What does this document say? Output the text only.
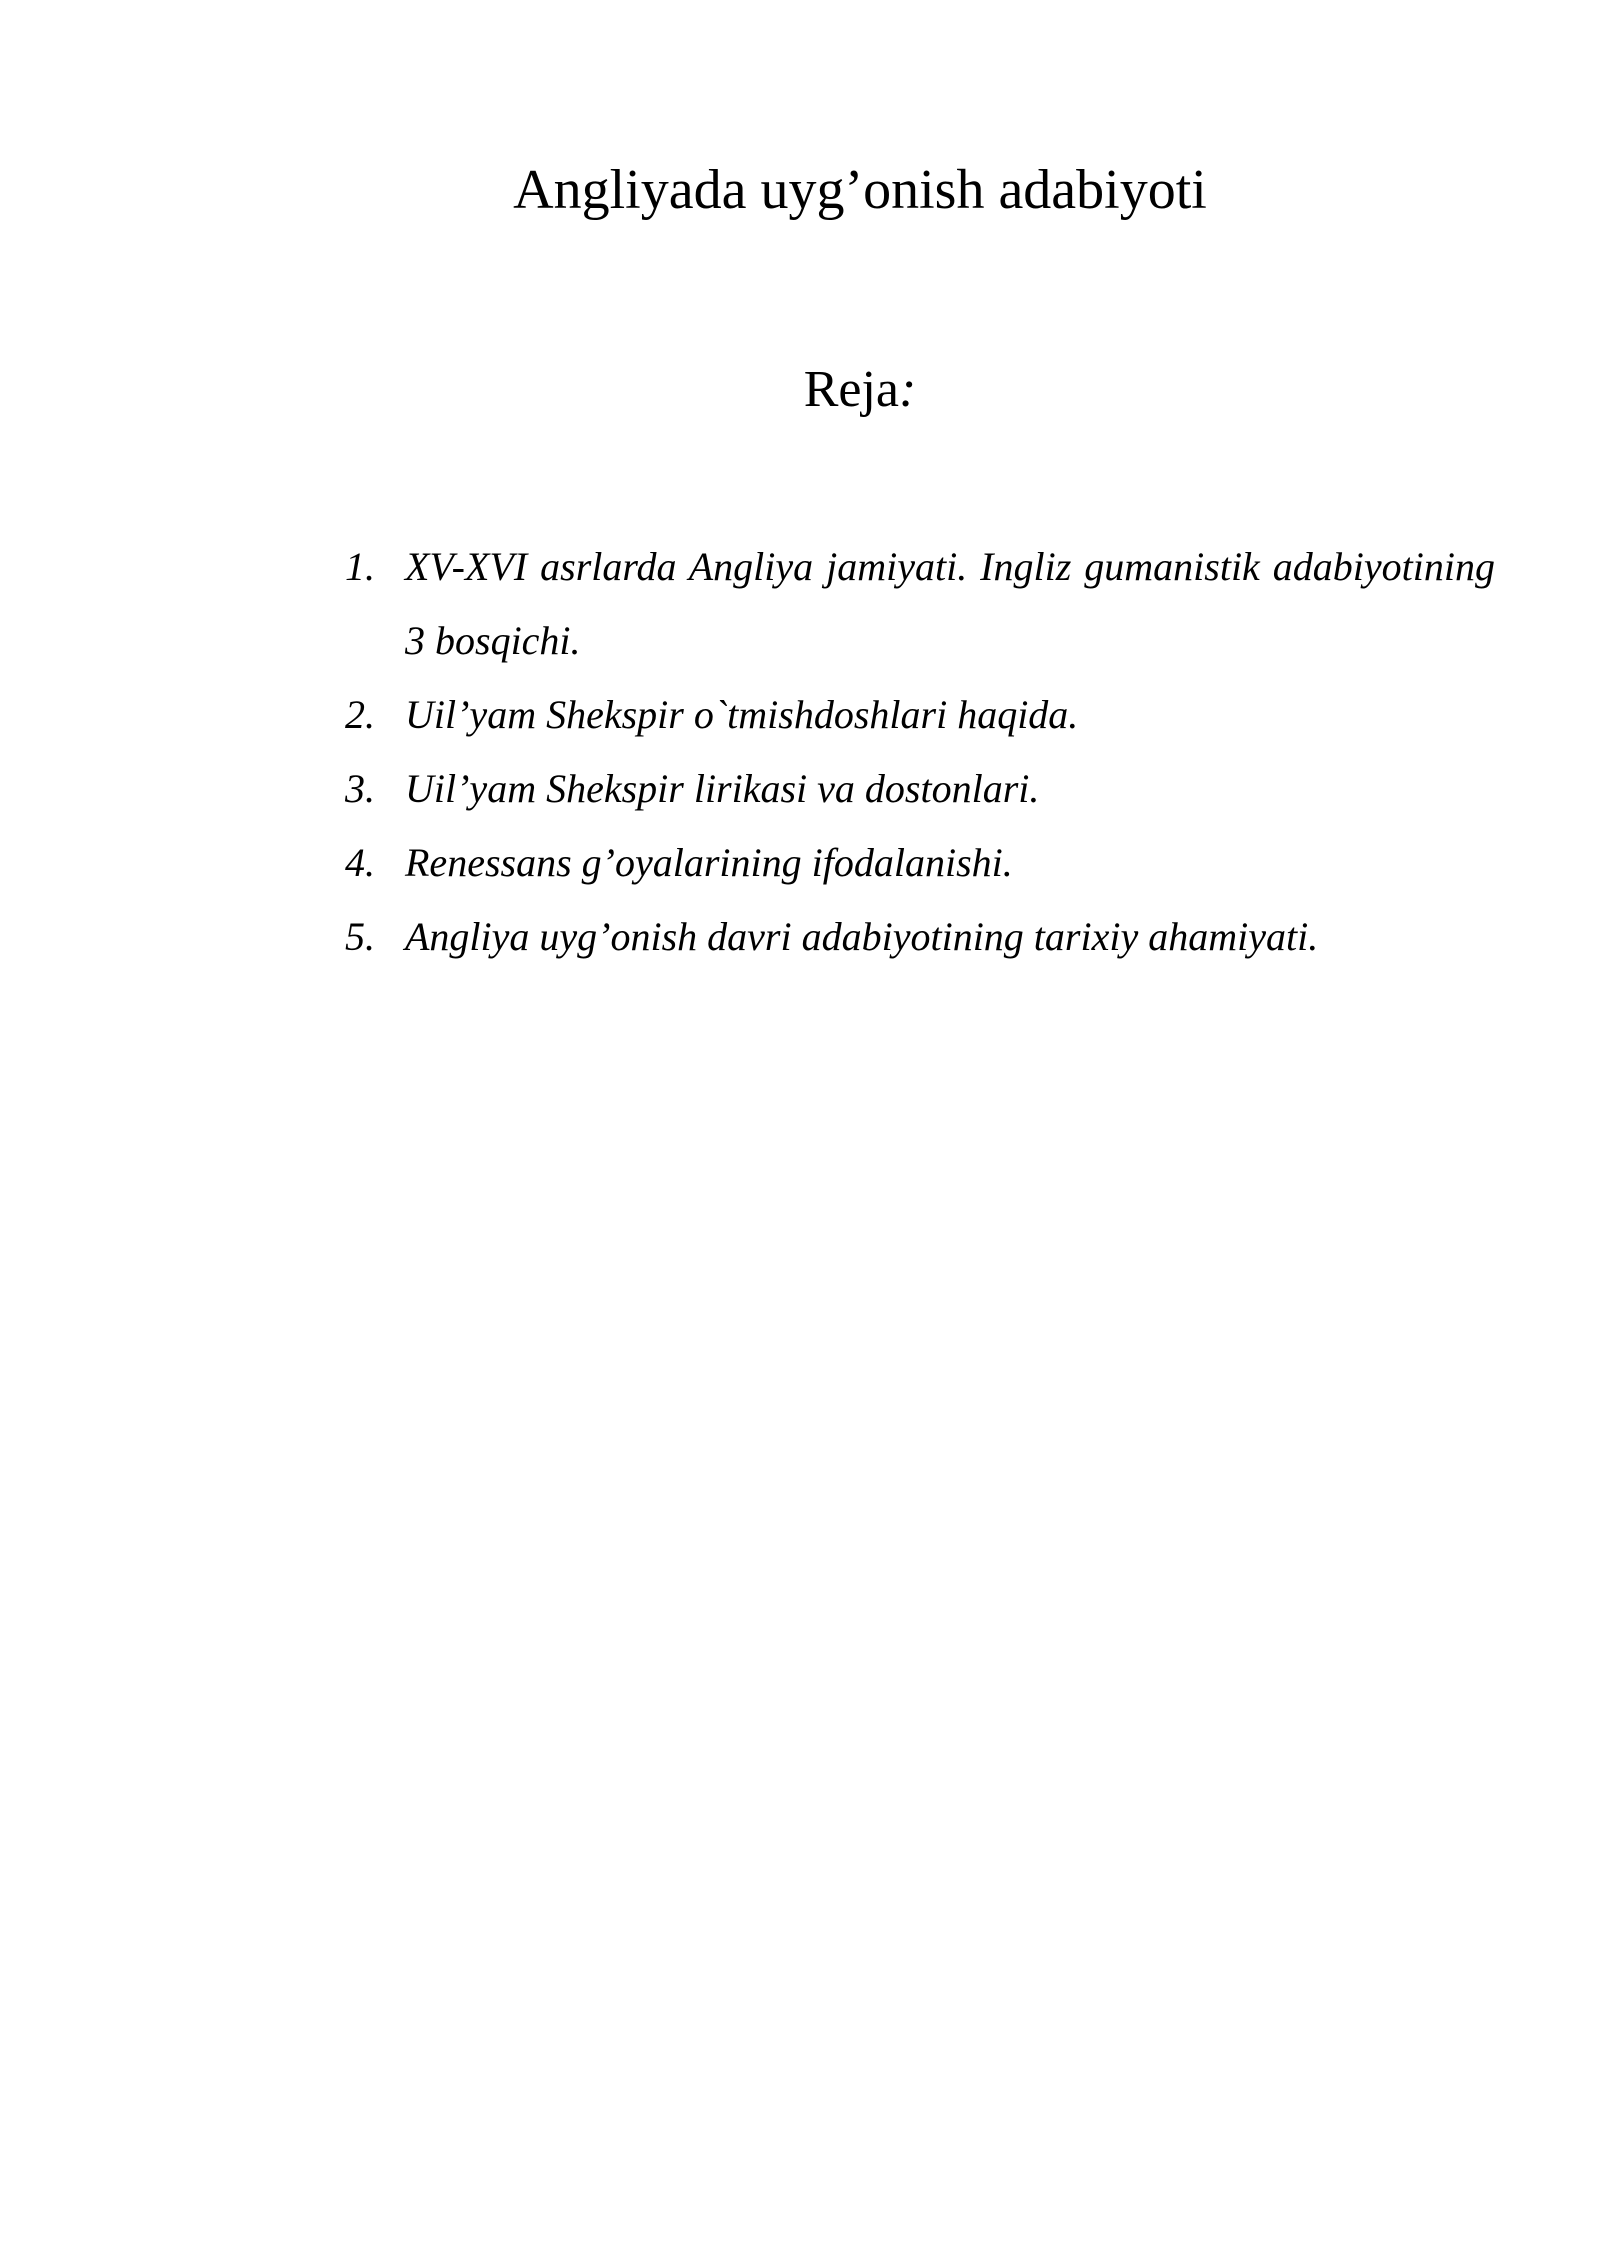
Angliyada uyg’onish adabiyoti
Reja:
1. XV-XVI asrlarda Angliya jamiyati. Ingliz gumanistik adabiyotining 3 bosqichi.
2. Uil’yam Shekspir o`tmishdoshlari haqida.
3. Uil’yam Shekspir lirikasi va dostonlari.
4. Renessans g’oyalarining ifodalanishi.
5. Angliya uyg’onish davri adabiyotining tarixiy ahamiyati.
